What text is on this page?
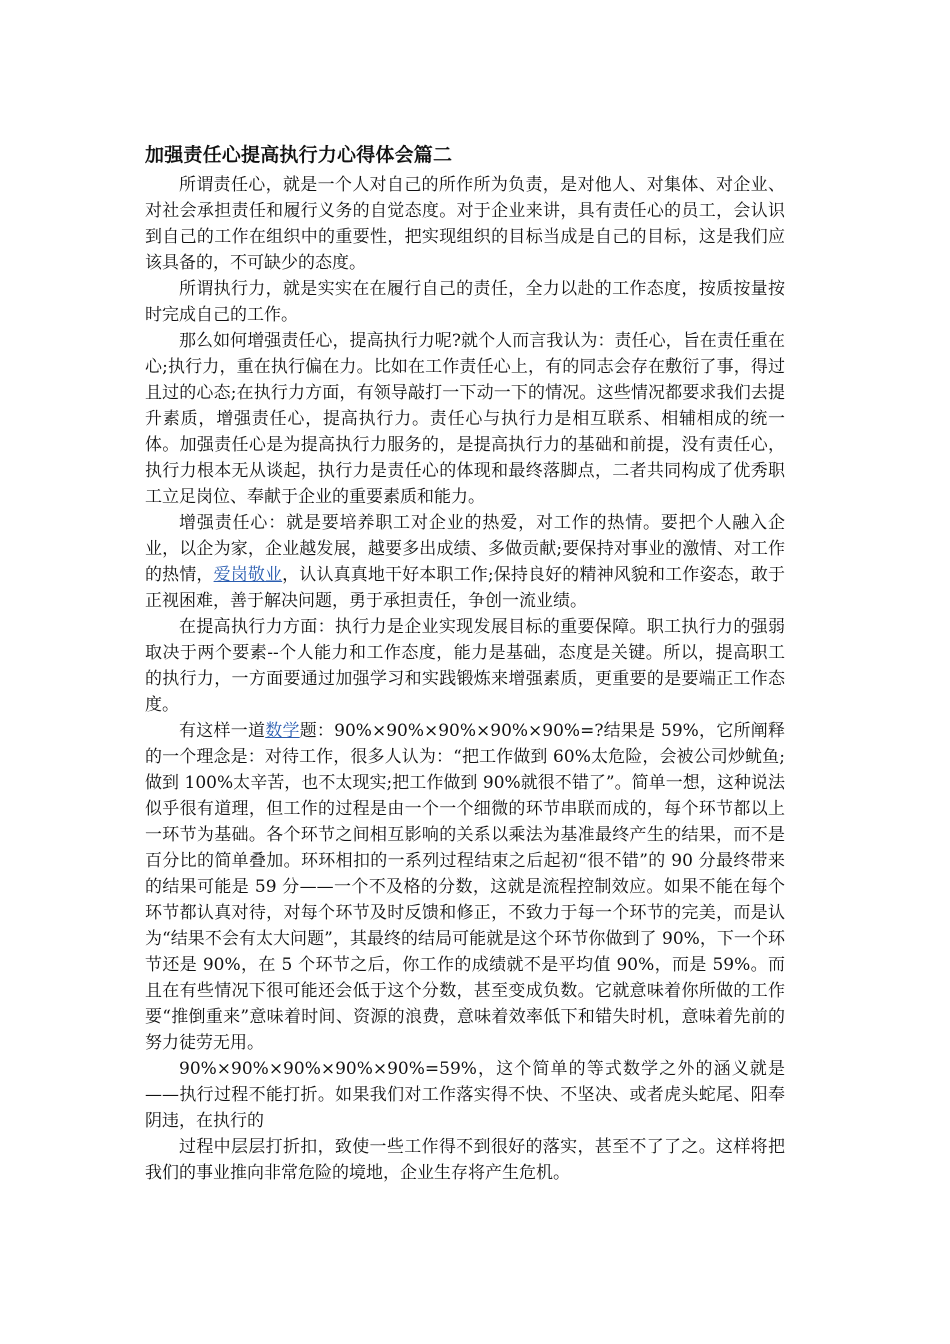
加强责任心提高执行力心得体会篇二

所谓责任心，就是一个人对自己的所作所为负责，是对他人、对集体、对企业、对社会承担责任和履行义务的自觉态度。对于企业来讲，具有责任心的员工，会认识到自己的工作在组织中的重要性，把实现组织的目标当成是自己的目标，这是我们应该具备的，不可缺少的态度。

所谓执行力，就是实实在在履行自己的责任，全力以赴的工作态度，按质按量按时完成自己的工作。

那么如何增强责任心，提高执行力呢?就个人而言我认为：责任心，旨在责任重在心;执行力，重在执行偏在力。比如在工作责任心上，有的同志会存在敷衍了事，得过且过的心态;在执行力方面，有领导敲打一下动一下的情况。这些情况都要求我们去提升素质，增强责任心，提高执行力。责任心与执行力是相互联系、相辅相成的统一体。加强责任心是为提高执行力服务的，是提高执行力的基础和前提，没有责任心，执行力根本无从谈起，执行力是责任心的体现和最终落脚点，二者共同构成了优秀职工立足岗位、奉献于企业的重要素质和能力。

增强责任心：就是要培养职工对企业的热爱，对工作的热情。要把个人融入企业，以企为家，企业越发展，越要多出成绩、多做贡献;要保持对事业的激情、对工作的热情，爱岗敬业，认认真真地干好本职工作;保持良好的精神风貌和工作姿态，敢于正视困难，善于解决问题，勇于承担责任，争创一流业绩。

在提高执行力方面：执行力是企业实现发展目标的重要保障。职工执行力的强弱取决于两个要素--个人能力和工作态度，能力是基础，态度是关键。所以，提高职工的执行力，一方面要通过加强学习和实践锻炼来增强素质，更重要的是要端正工作态度。

有这样一道数学题：90%×90%×90%×90%×90%=?结果是 59%，它所阐释的一个理念是：对待工作，很多人认为：“把工作做到 60%太危险，会被公司炒鱿鱼;做到 100%太辛苦，也不太现实;把工作做到 90%就很不错了”。简单一想，这种说法似乎很有道理，但工作的过程是由一个一个细微的环节串联而成的，每个环节都以上一环节为基础。各个环节之间相互影响的关系以乘法为基准最终产生的结果，而不是百分比的简单叠加。环环相扣的一系列过程结束之后起初“很不错”的 90 分最终带来的结果可能是 59 分——一个不及格的分数，这就是流程控制效应。如果不能在每个环节都认真对待，对每个环节及时反馈和修正，不致力于每一个环节的完美，而是认为“结果不会有太大问题”，其最终的结局可能就是这个环节你做到了 90%，下一个环节还是 90%，在 5 个环节之后，你工作的成绩就不是平均值 90%，而是 59%。而且在有些情况下很可能还会低于这个分数，甚至变成负数。它就意味着你所做的工作要“推倒重来”意味着时间、资源的浪费，意味着效率低下和错失时机，意味着先前的努力徒劳无用。

90%×90%×90%×90%×90%=59%，这个简单的等式数学之外的涵义就是——执行过程不能打折。如果我们对工作落实得不快、不坚决、或者虎头蛇尾、阳奉阴违，在执行的

过程中层层打折扣，致使一些工作得不到很好的落实，甚至不了了之。这样将把我们的事业推向非常危险的境地，企业生存将产生危机。
